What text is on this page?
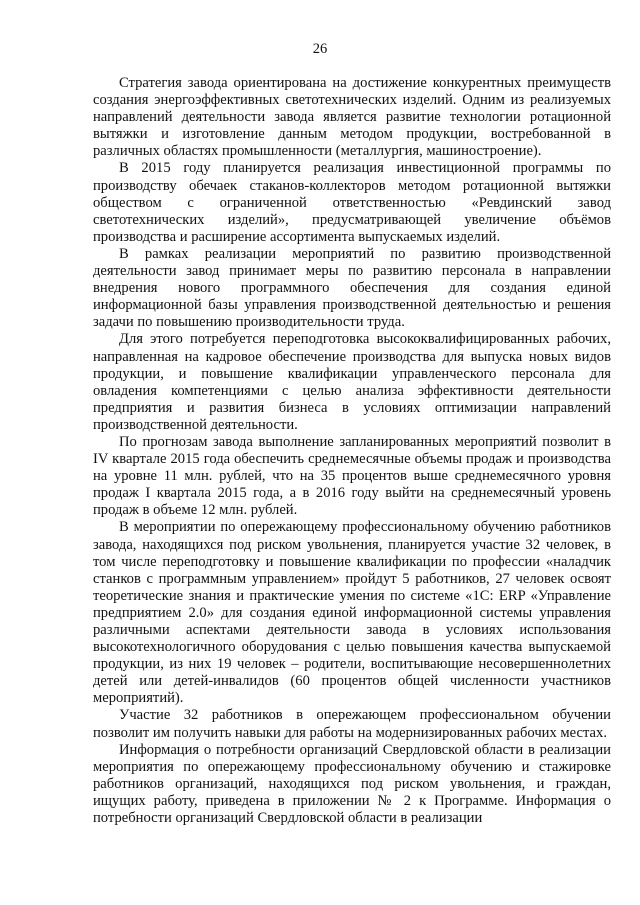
26

Стратегия завода ориентирована на достижение конкурентных преимуществ создания энергоэффективных светотехнических изделий. Одним из реализуемых направлений деятельности завода является развитие технологии ротационной вытяжки и изготовление данным методом продукции, востребованной в различных областях промышленности (металлургия, машиностроение).

В 2015 году планируется реализация инвестиционной программы по производству обечаек стаканов-коллекторов методом ротационной вытяжки обществом с ограниченной ответственностью «Ревдинский завод светотехнических изделий», предусматривающей увеличение объёмов производства и расширение ассортимента выпускаемых изделий.

В рамках реализации мероприятий по развитию производственной деятельности завод принимает меры по развитию персонала в направлении внедрения нового программного обеспечения для создания единой информационной базы управления производственной деятельностью и решения задачи по повышению производительности труда.

Для этого потребуется переподготовка высококвалифицированных рабочих, направленная на кадровое обеспечение производства для выпуска новых видов продукции, и повышение квалификации управленческого персонала для овладения компетенциями с целью анализа эффективности деятельности предприятия и развития бизнеса в условиях оптимизации направлений производственной деятельности.

По прогнозам завода выполнение запланированных мероприятий позволит в IV квартале 2015 года обеспечить среднемесячные объемы продаж и производства на уровне 11 млн. рублей, что на 35 процентов выше среднемесячного уровня продаж I квартала 2015 года, а в 2016 году выйти на среднемесячный уровень продаж в объеме 12 млн. рублей.

В мероприятии по опережающему профессиональному обучению работников завода, находящихся под риском увольнения, планируется участие 32 человек, в том числе переподготовку и повышение квалификации по профессии «наладчик станков с программным управлением» пройдут 5 работников, 27 человек освоят теоретические знания и практические умения по системе «1С: ERP «Управление предприятием 2.0» для создания единой информационной системы управления различными аспектами деятельности завода в условиях использования высокотехнологичного оборудования с целью повышения качества выпускаемой продукции, из них 19 человек – родители, воспитывающие несовершеннолетних детей или детей-инвалидов (60 процентов общей численности участников мероприятий).

Участие 32 работников в опережающем профессиональном обучении позволит им получить навыки для работы на модернизированных рабочих местах.

Информация о потребности организаций Свердловской области в реализации мероприятия по опережающему профессиональному обучению и стажировке работников организаций, находящихся под риском увольнения, и граждан, ищущих работу, приведена в приложении № 2 к Программе. Информация о потребности организаций Свердловской области в реализации
